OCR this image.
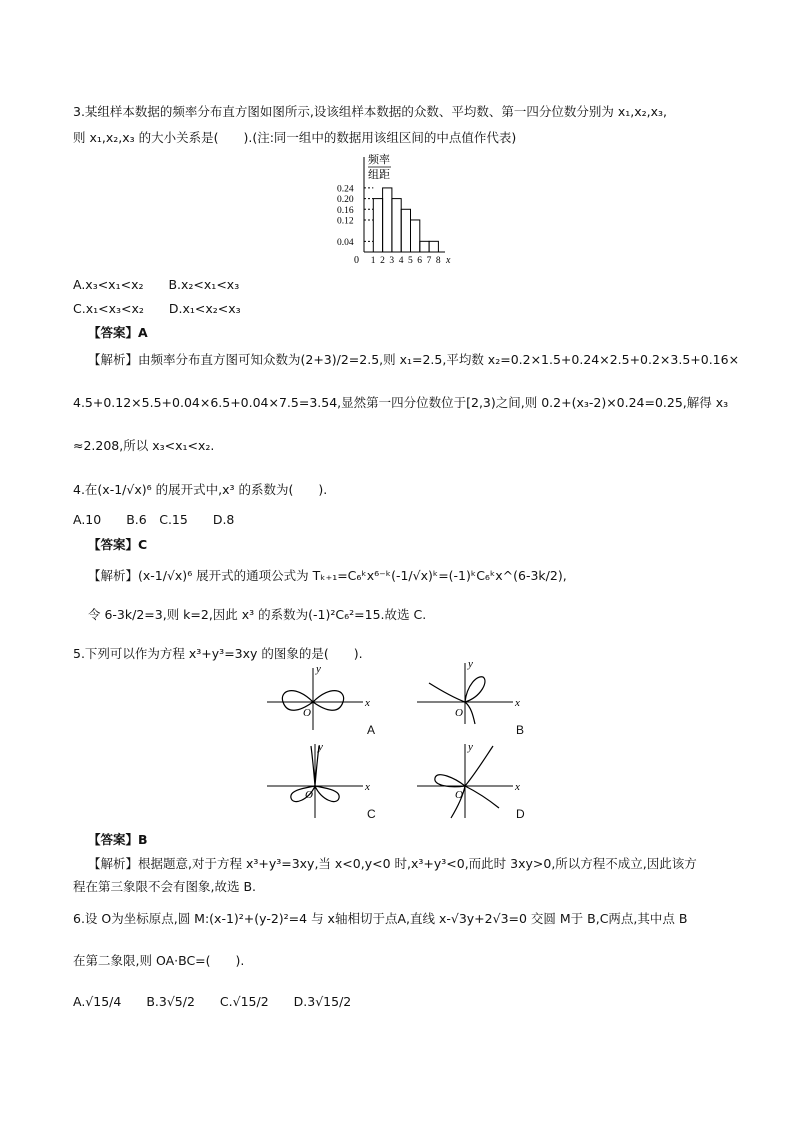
3.某组样本数据的频率分布直方图如图所示,设该组样本数据的众数、平均数、第一四分位数分别为 x₁,x₂,x₃,
则 x₁,x₂,x₃ 的大小关系是(　　).(注:同一组中的数据用该组区间的中点值作代表)
频率
组距
0	x
0.24
0.20
0.16
0.12
0.04
1 2 3 4 5 6 7 8
A.x₃<x₁<x₂　　B.x₂<x₁<x₃
C.x₁<x₃<x₂　　D.x₁<x₂<x₃
【答案】A
【解析】由频率分布直方图可知众数为(2+3)/2=2.5,则 x₁=2.5,平均数 x₂=0.2×1.5+0.24×2.5+0.2×3.5+0.16×
4.5+0.12×5.5+0.04×6.5+0.04×7.5=3.54,显然第一四分位数位于[2,3)之间,则 0.2+(x₃-2)×0.24=0.25,解得 x₃
≈2.208,所以 x₃<x₁<x₂.
4.在(x-1/√x)⁶ 的展开式中,x³ 的系数为(　　).
A.10　　B.6　C.15　　D.8
【答案】C
【解析】(x-1/√x)⁶ 展开式的通项公式为 Tₖ₊₁=C₆ᵏx⁶⁻ᵏ(-1/√x)ᵏ=(-1)ᵏC₆ᵏx^(6-3k/2),
令 6-3k/2=3,则 k=2,因此 x³ 的系数为(-1)²C₆²=15.故选 C.
5.下列可以作为方程 x³+y³=3xy 的图象的是(　　).
x
y
O
A
x
y
O
B
x
y
O
C
x
y
O
D
【答案】B
【解析】根据题意,对于方程 x³+y³=3xy,当 x<0,y<0 时,x³+y³<0,而此时 3xy>0,所以方程不成立,因此该方
程在第三象限不会有图象,故选 B.
6.设 O为坐标原点,圆 M:(x-1)²+(y-2)²=4 与 x轴相切于点A,直线 x-√3y+2√3=0 交圆 M于 B,C两点,其中点 B
在第二象限,则 OA·BC=(　　).
A.√15/4　　B.3√5/2　　C.√15/2　　D.3√15/2
